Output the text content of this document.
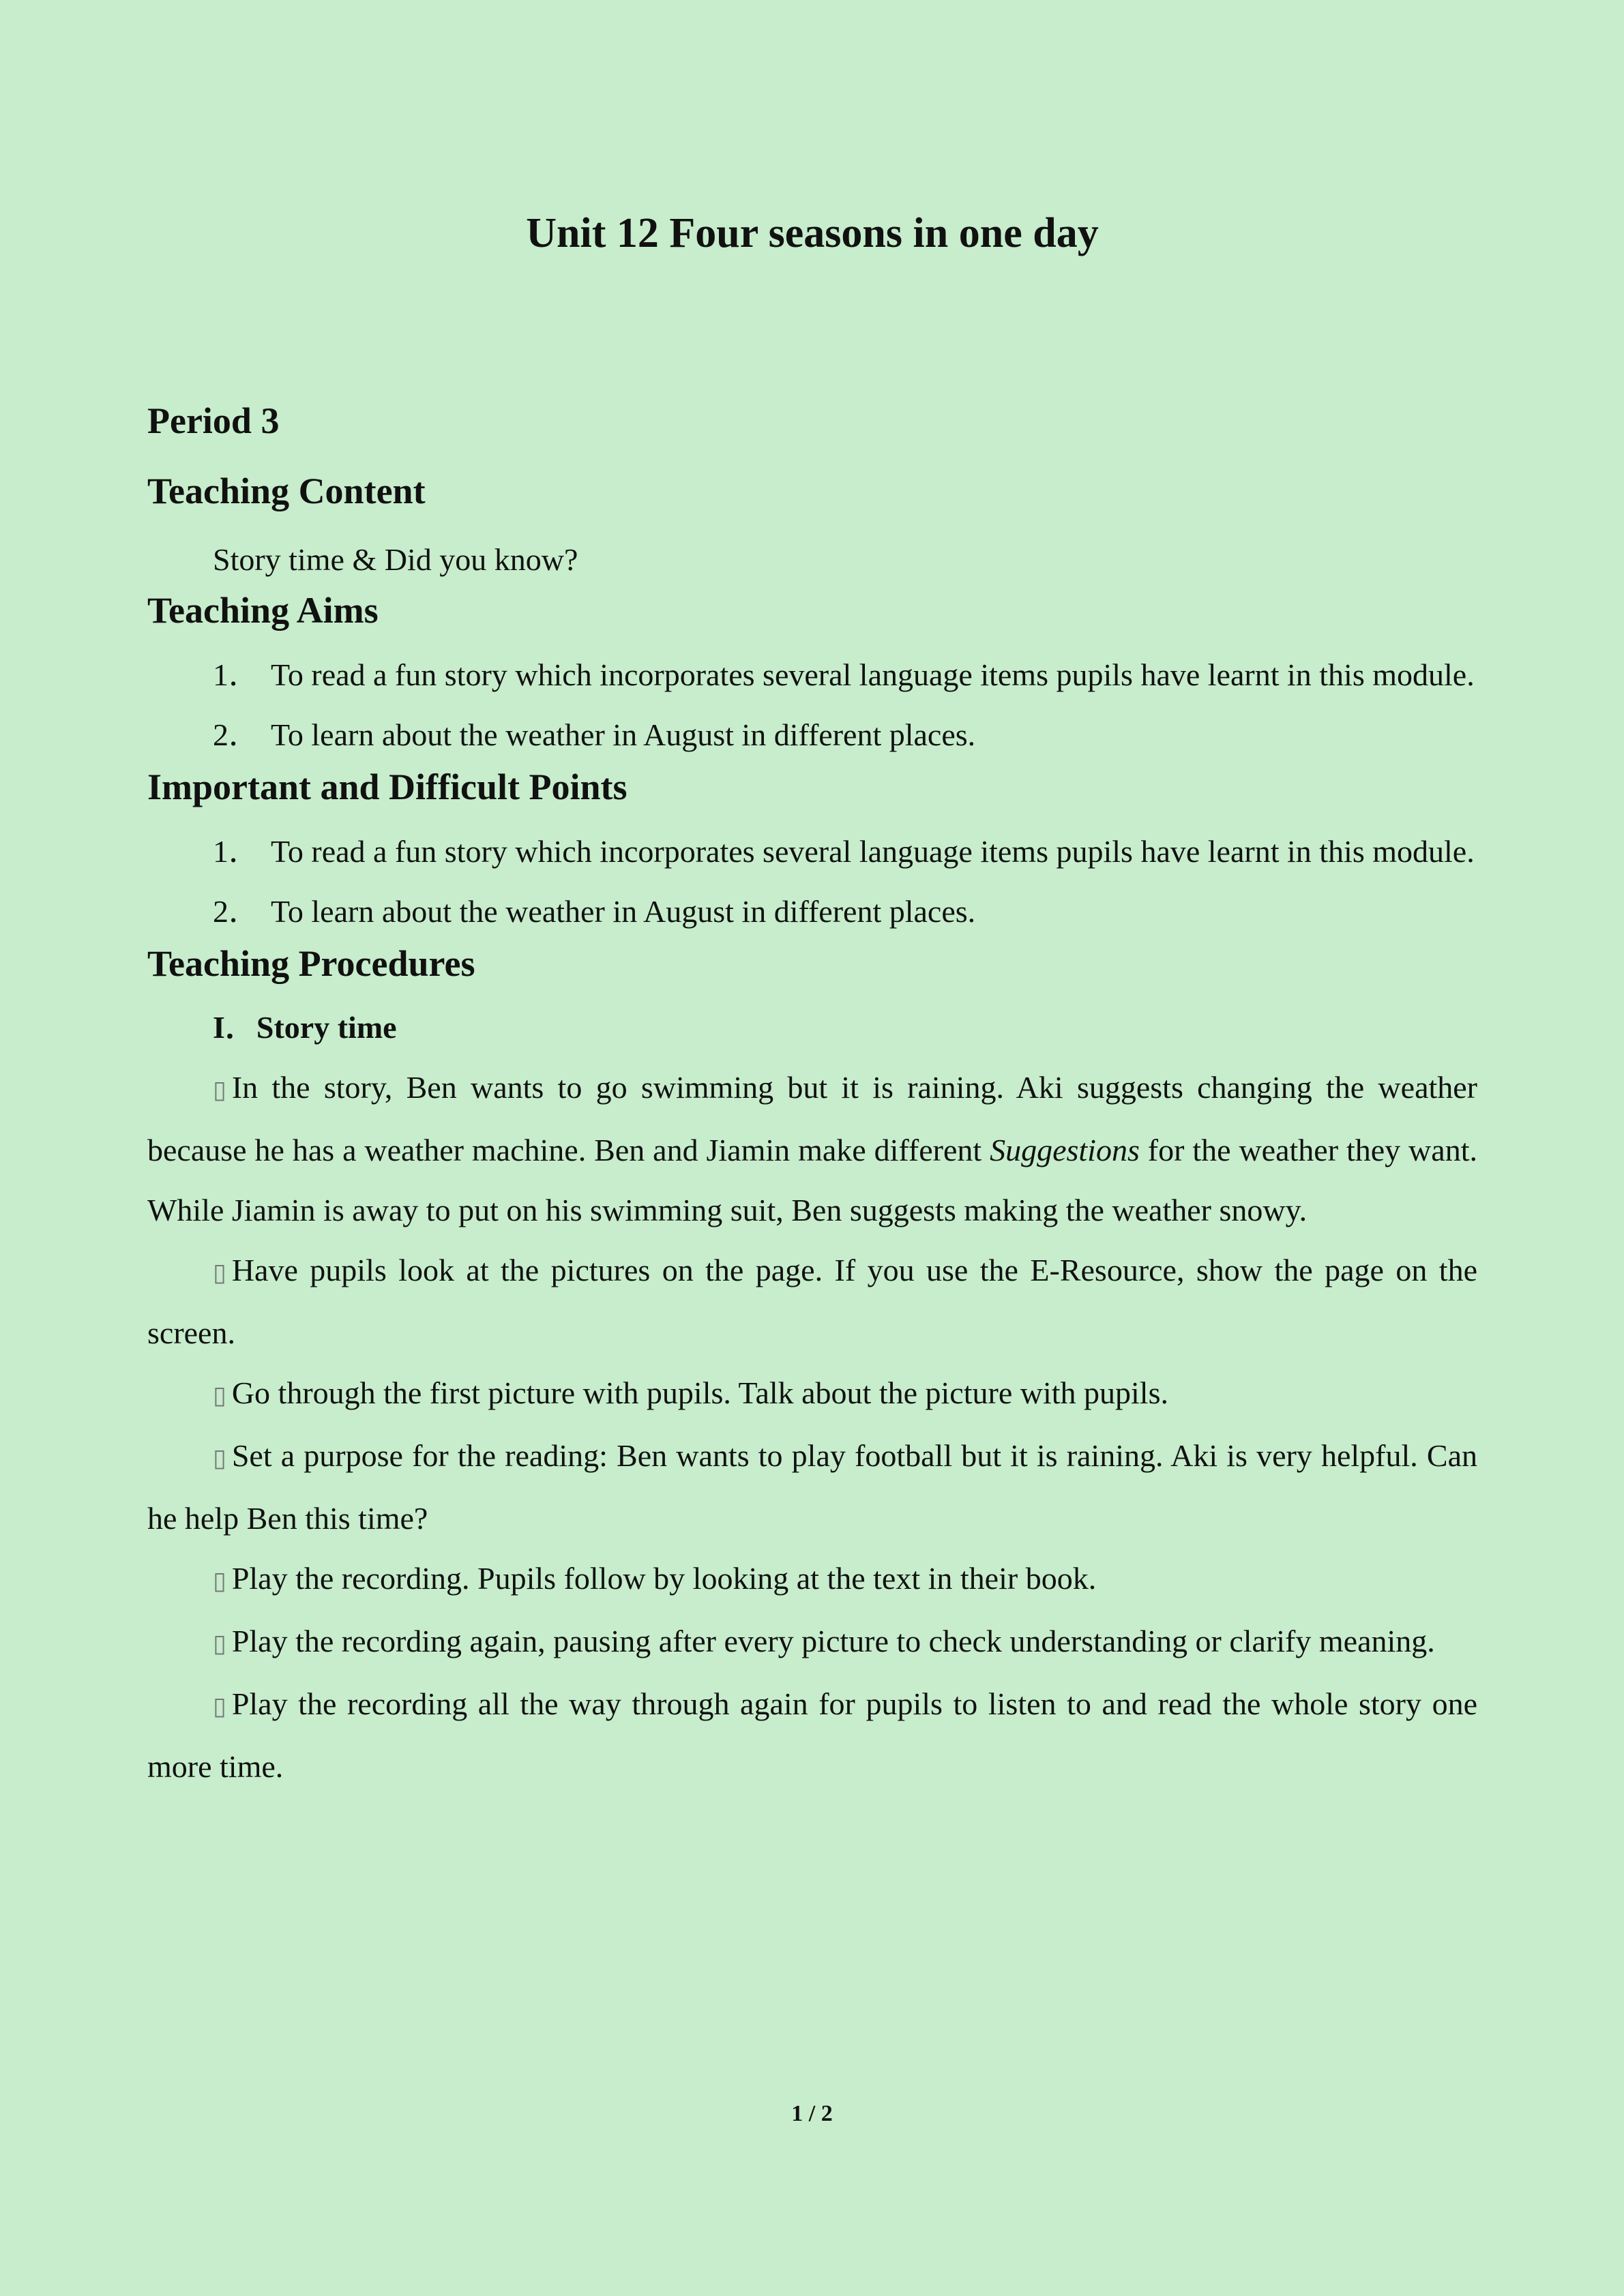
Unit 12 Four seasons in one day
Period 3
Teaching Content

Story time & Did you know?

Teaching Aims
1． To read a fun story which incorporates several language items pupils have learnt in this module.
2． To learn about the weather in August in different places.
Important and Difficult Points
1． To read a fun story which incorporates several language items pupils have learnt in this module.
2． To learn about the weather in August in different places.
Teaching Procedures
I．Story time

▯ In the story, Ben wants to go swimming but it is raining. Aki suggests changing the weather because he has a weather machine. Ben and Jiamin make different Suggestions for the weather they want. While Jiamin is away to put on his swimming suit, Ben suggests making the weather snowy.

▯ Have pupils look at the pictures on the page. If you use the E-Resource, show the page on the screen.

▯ Go through the first picture with pupils. Talk about the picture with pupils.

▯ Set a purpose for the reading: Ben wants to play football but it is raining. Aki is very helpful. Can he help Ben this time?

▯ Play the recording. Pupils follow by looking at the text in their book.

▯ Play the recording again, pausing after every picture to check understanding or clarify meaning.

▯ Play the recording all the way through again for pupils to listen to and read the whole story one more time.

1 / 2
